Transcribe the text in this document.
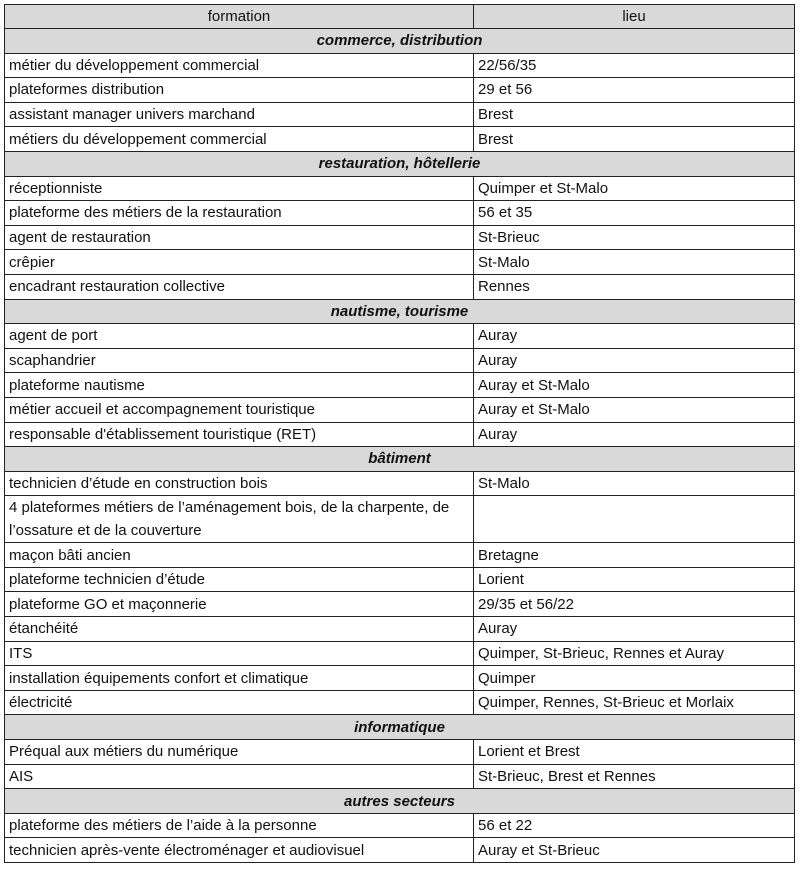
formation	lieu
commerce, distribution	
métier du développement commercial	22/56/35
plateformes distribution	29 et 56
assistant manager univers marchand	Brest
métiers du développement commercial	Brest
restauration, hôtellerie	
réceptionniste	Quimper et St-Malo
plateforme des métiers de la restauration	56 et 35
agent de restauration	St-Brieuc
crêpier	St-Malo
encadrant restauration collective	Rennes
nautisme, tourisme	
agent de port	Auray
scaphandrier	Auray
plateforme nautisme	Auray et St-Malo
métier accueil et accompagnement touristique	Auray et St-Malo
responsable d'établissement touristique (RET)	Auray
bâtiment	
technicien d’étude en construction bois	St-Malo
4 plateformes métiers de l’aménagement bois, de la charpente, de l’ossature et de la couverture	
maçon bâti ancien	Bretagne
plateforme technicien d’étude	Lorient
plateforme GO et maçonnerie	29/35 et 56/22
étanchéité	Auray
ITS	Quimper, St-Brieuc, Rennes et Auray
installation équipements confort et climatique	Quimper
électricité	Quimper, Rennes, St-Brieuc et Morlaix
informatique	
Préqual aux métiers du numérique	Lorient et Brest
AIS	St-Brieuc, Brest et Rennes
autres secteurs	
plateforme des métiers de l’aide à la personne	56 et 22
technicien après-vente électroménager et audiovisuel	Auray et St-Brieuc
